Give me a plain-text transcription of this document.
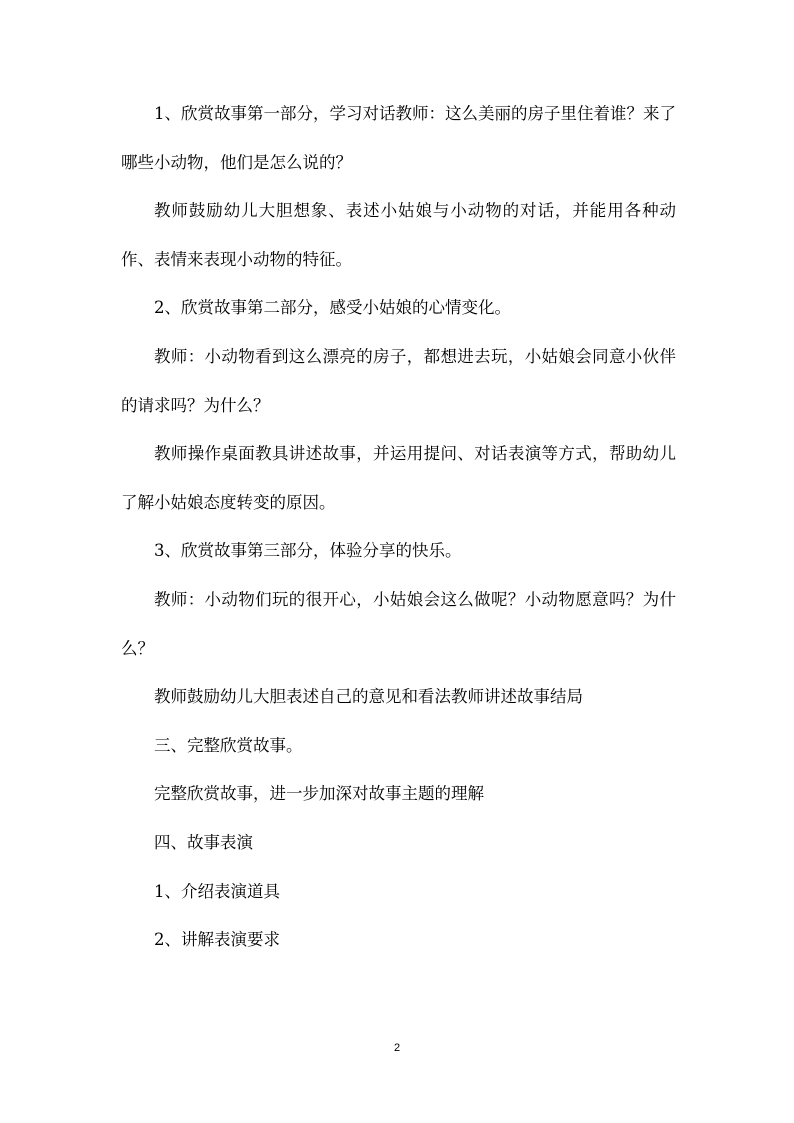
1、欣赏故事第一部分，学习对话教师：这么美丽的房子里住着谁？来了哪些小动物，他们是怎么说的？

教师鼓励幼儿大胆想象、表述小姑娘与小动物的对话，并能用各种动作、表情来表现小动物的特征。

2、欣赏故事第二部分，感受小姑娘的心情变化。

教师：小动物看到这么漂亮的房子，都想进去玩，小姑娘会同意小伙伴的请求吗？为什么？

教师操作桌面教具讲述故事，并运用提问、对话表演等方式，帮助幼儿了解小姑娘态度转变的原因。

3、欣赏故事第三部分，体验分享的快乐。

教师：小动物们玩的很开心，小姑娘会这么做呢？小动物愿意吗？为什么？

教师鼓励幼儿大胆表述自己的意见和看法教师讲述故事结局

三、完整欣赏故事。

完整欣赏故事，进一步加深对故事主题的理解

四、故事表演

1、介绍表演道具

2、讲解表演要求

2
